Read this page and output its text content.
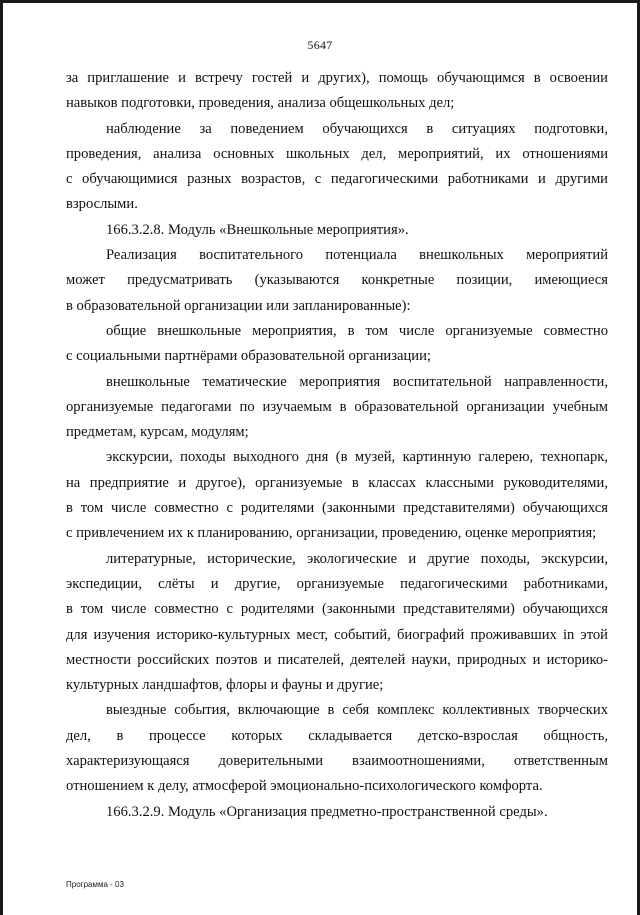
5647

за приглашение и встречу гостей и других), помощь обучающимся в освоении

навыков подготовки, проведения, анализа общешкольных дел;

наблюдение за поведением обучающихся в ситуациях подготовки,

проведения, анализа основных школьных дел, мероприятий, их отношениями

с обучающимися разных возрастов, с педагогическими работниками и другими

взрослыми.

166.3.2.8. Модуль «Внешкольные мероприятия».

Реализация воспитательного потенциала внешкольных мероприятий

может предусматривать (указываются конкретные позиции, имеющиеся

в образовательной организации или запланированные):

общие внешкольные мероприятия, в том числе организуемые совместно

с социальными партнёрами образовательной организации;

внешкольные тематические мероприятия воспитательной направленности,

организуемые педагогами по изучаемым в образовательной организации учебным

предметам, курсам, модулям;

экскурсии, походы выходного дня (в музей, картинную галерею, технопарк,

на предприятие и другое), организуемые в классах классными руководителями,

в том числе совместно с родителями (законными представителями) обучающихся

с привлечением их к планированию, организации, проведению, оценке мероприятия;

литературные, исторические, экологические и другие походы, экскурсии,

экспедиции, слёты и другие, организуемые педагогическими работниками,

в том числе совместно с родителями (законными представителями) обучающихся

для изучения историко-культурных мест, событий, биографий проживавших in этой

местности российских поэтов и писателей, деятелей науки, природных и историко-

культурных ландшафтов, флоры и фауны и другие;

выездные события, включающие в себя комплекс коллективных творческих

дел, в процессе которых складывается детско-взрослая общность,

характеризующаяся доверительными взаимоотношениями, ответственным

отношением к делу, атмосферой эмоционально-психологического комфорта.

166.3.2.9. Модуль «Организация предметно-пространственной среды».

Программа - 03
